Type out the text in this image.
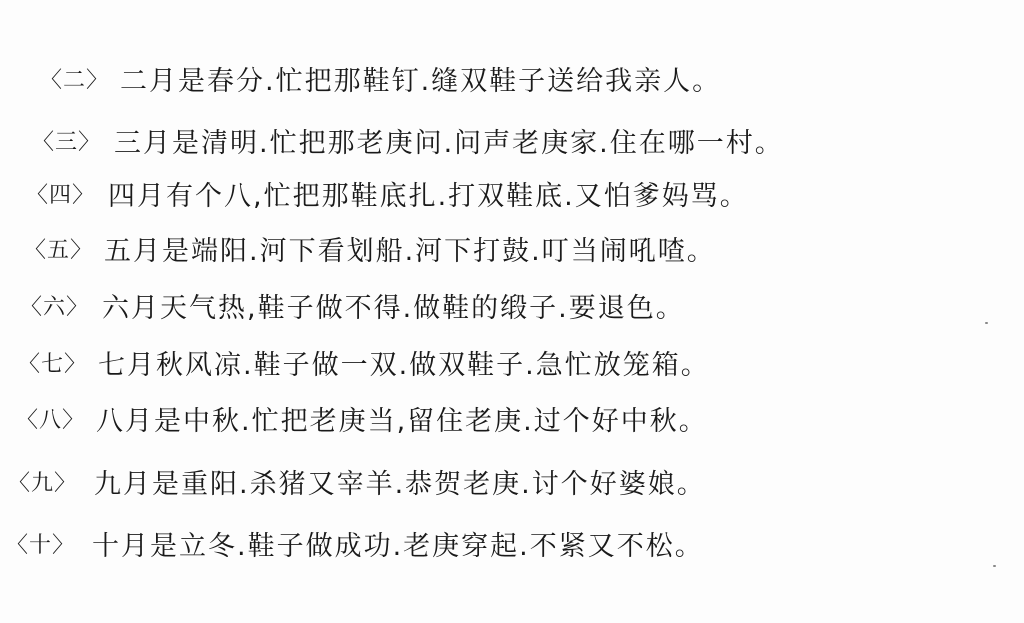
〈二〉 二月是春分.忙把那鞋钉.缝双鞋子送给我亲人。
〈三〉 三月是清明.忙把那老庚问.问声老庚家.住在哪一村。
〈四〉 四月有个八,忙把那鞋底扎.打双鞋底.又怕爹妈骂。
〈五〉 五月是端阳.河下看划船.河下打鼓.叮当闹吼喳。
〈六〉 六月天气热,鞋子做不得.做鞋的缎子.要退色。
〈七〉 七月秋风凉.鞋子做一双.做双鞋子.急忙放笼箱。
〈八〉 八月是中秋.忙把老庚当,留住老庚.过个好中秋。
〈九〉 九月是重阳.杀猪又宰羊.恭贺老庚.讨个好婆娘。
〈十〉 十月是立冬.鞋子做成功.老庚穿起.不紧又不松。
